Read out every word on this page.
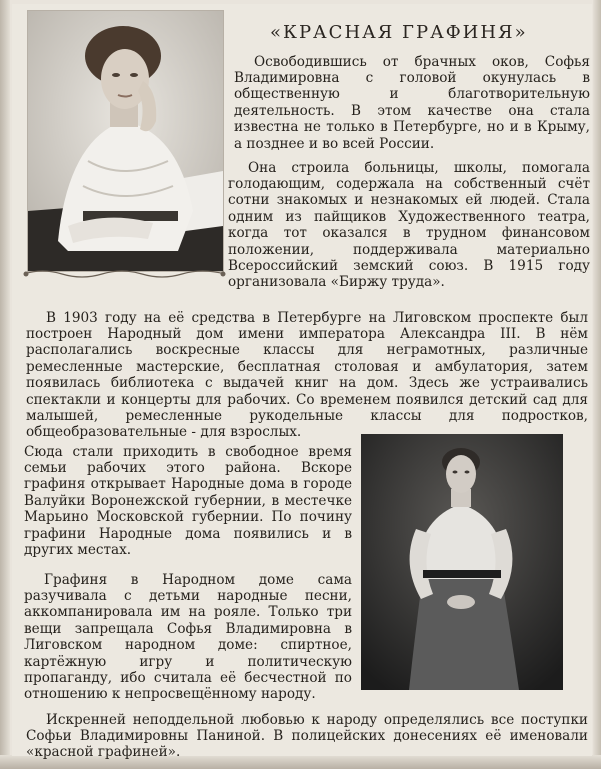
«КРАСНАЯ ГРАФИНЯ»

Освободившись от брачных оков, Софья Владимировна с головой окунулась в общественную и благотворительную деятельность. В этом качестве она стала известна не только в Петербурге, но и в Крыму, а позднее и во всей России.

Она строила больницы, школы, помогала голодающим, содержала на собственный счёт сотни знакомых и незнакомых ей людей. Стала одним из пайщиков Художественного театра, когда тот оказался в трудном финансовом положении, поддерживала материально Всероссийский земский союз. В 1915 году организовала «Биржу труда».

В 1903 году на её средства в Петербурге на Лиговском проспекте был построен Народный дом имени императора Александра III. В нём располагались воскресные классы для неграмотных, различные ремесленные мастерские, бесплатная столовая и амбулатория, затем появилась библиотека с выдачей книг на дом. Здесь же устраивались спектакли и концерты для рабочих. Со временем появился детский сад для малышей, ремесленные рукодельные классы для подростков, общеобразовательные - для взрослых.

Сюда стали приходить в свободное время семьи рабочих этого района. Вскоре графиня открывает Народные дома в городе Валуйки Воронежской губернии, в местечке Марьино Московской губернии. По почину графини Народные дома появились и в других местах.

Графиня в Народном доме сама разучивала с детьми народные песни, аккомпанировала им на рояле. Только три вещи запрещала Софья Владимировна в Лиговском народном доме: спиртное, картёжную игру и политическую пропаганду, ибо считала её бесчестной по отношению к непросвещённому народу.

Искренней неподдельной любовью к народу определялись все поступки Софьи Владимировны Паниной. В полицейских донесениях её именовали «красной графиней».
